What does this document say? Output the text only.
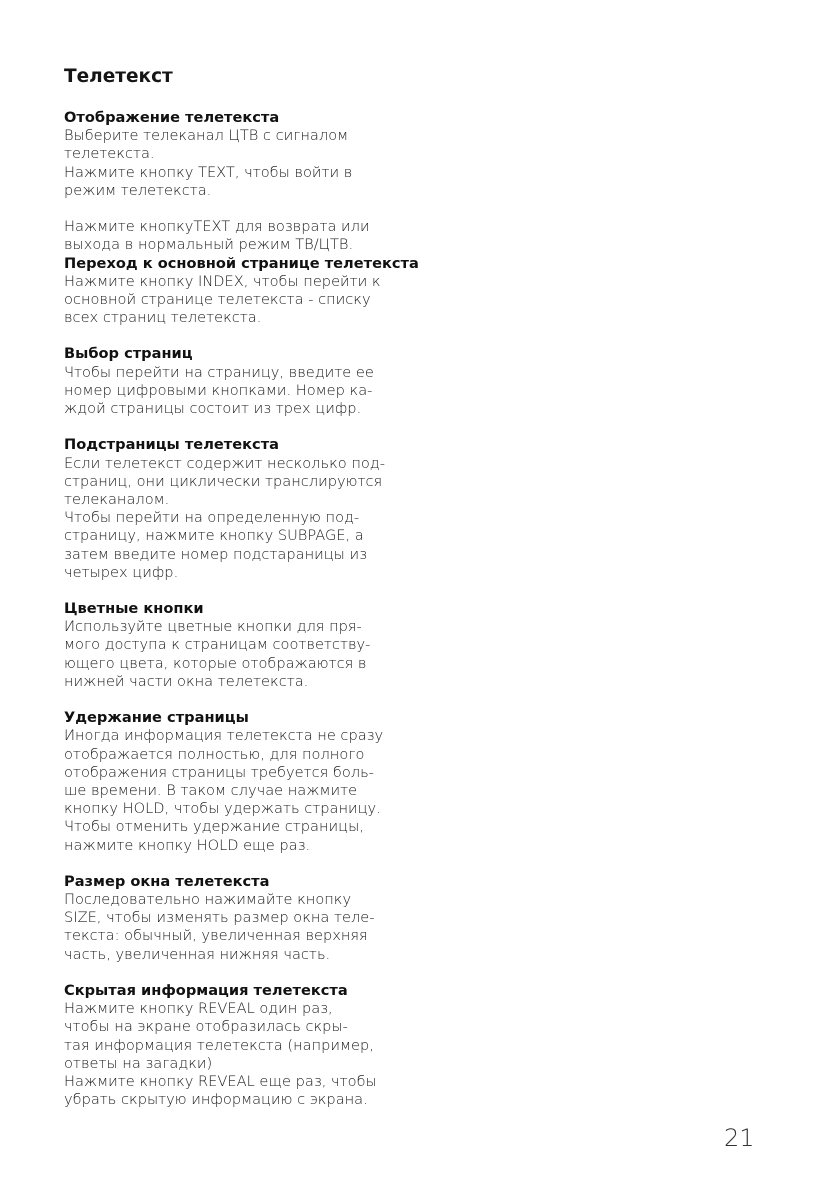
Телетекст
Отображение телетекста
Выберите телеканал ЦТВ с сигналом
телетекста.
Нажмите кнопку TEXT, чтобы войти в
режим телетекста.
Нажмите кнопкуTEXT для возврата или
выхода в нормальный режим ТВ/ЦТВ.
Переход к основной странице телетекста
Нажмите кнопку INDEX, чтобы перейти к
основной странице телетекста - списку
всех страниц телетекста.
Выбор страниц
Чтобы перейти на страницу, введите ее
номер цифровыми кнопками. Номер ка-
ждой страницы состоит из трех цифр.
Подстраницы телетекста
Если телетекст содержит несколько под-
страниц, они циклически транслируются
телеканалом.
Чтобы перейти на определенную под-
страницу, нажмите кнопку SUBPAGE, а
затем введите номер подстараницы из
четырех цифр.
Цветные кнопки
Используйте цветные кнопки для пря-
мого доступа к страницам соответству-
ющего цвета, которые отображаются в
нижней части окна телетекста.
Удержание страницы
Иногда информация телетекста не сразу
отображается полностью, для полного
отображения страницы требуется боль-
ше времени. В таком случае нажмите
кнопку HOLD, чтобы удержать страницу.
Чтобы отменить удержание страницы,
нажмите кнопку HOLD еще раз.
Размер окна телетекста
Последовательно нажимайте кнопку
SIZE, чтобы изменять размер окна теле-
текста: обычный, увеличенная верхняя
часть, увеличенная нижняя часть.
Скрытая информация телетекста
Нажмите кнопку REVEAL один раз,
чтобы на экране отобразилась скры-
тая информация телетекста (например,
ответы на загадки)
Нажмите кнопку REVEAL еще раз, чтобы
убрать скрытую информацию с экрана.
21
